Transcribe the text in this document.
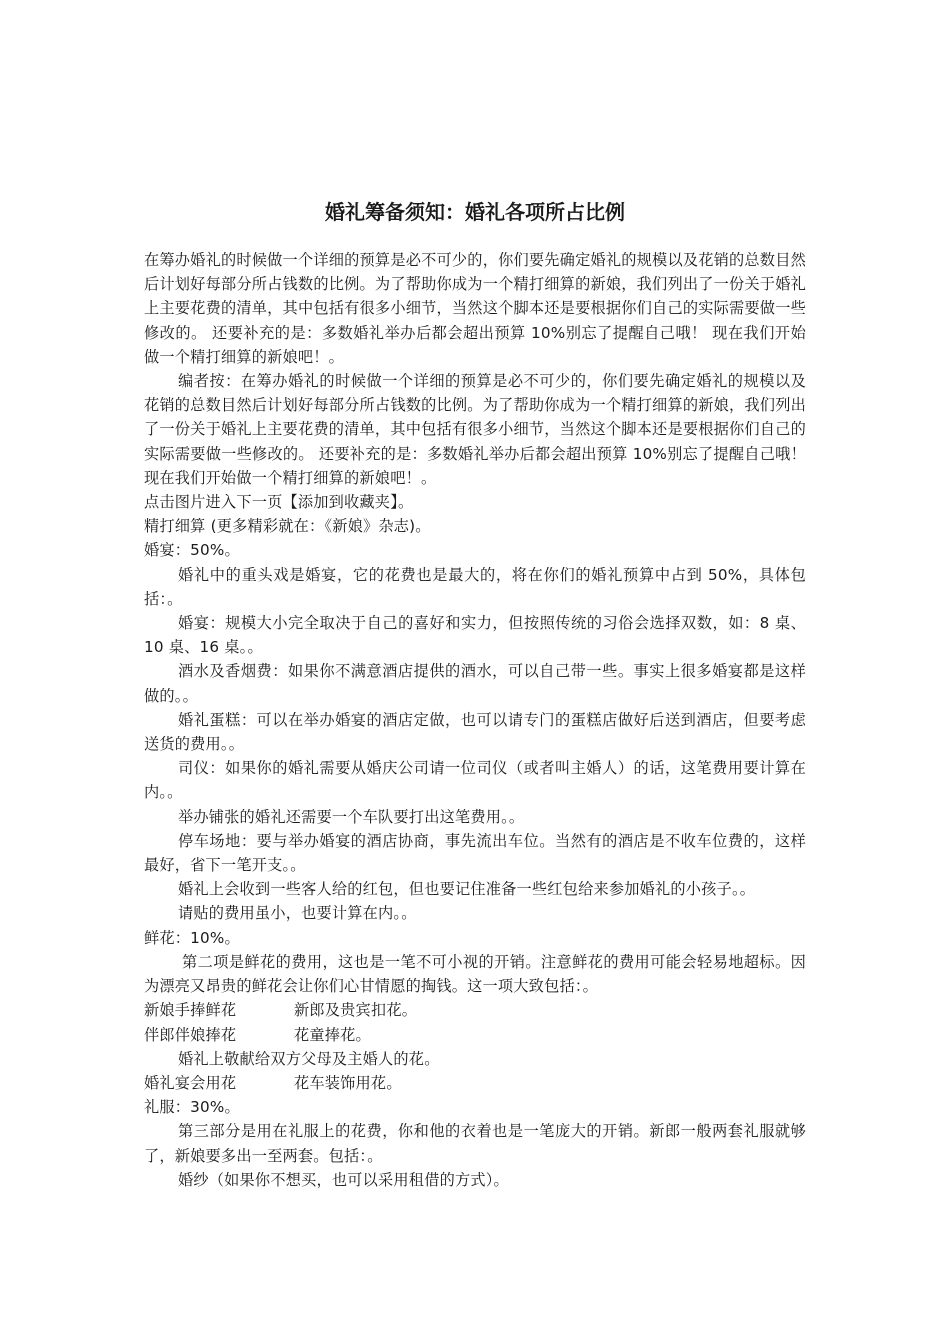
婚礼筹备须知：婚礼各项所占比例

在筹办婚礼的时候做一个详细的预算是必不可少的，你们要先确定婚礼的规模以及花销的总数目然后计划好每部分所占钱数的比例。为了帮助你成为一个精打细算的新娘，我们列出了一份关于婚礼上主要花费的清单，其中包括有很多小细节，当然这个脚本还是要根据你们自己的实际需要做一些修改的。 还要补充的是：多数婚礼举办后都会超出预算 10%别忘了提醒自己哦！ 现在我们开始做一个精打细算的新娘吧！。

编者按：在筹办婚礼的时候做一个详细的预算是必不可少的，你们要先确定婚礼的规模以及花销的总数目然后计划好每部分所占钱数的比例。为了帮助你成为一个精打细算的新娘，我们列出了一份关于婚礼上主要花费的清单，其中包括有很多小细节，当然这个脚本还是要根据你们自己的实际需要做一些修改的。 还要补充的是：多数婚礼举办后都会超出预算 10%别忘了提醒自己哦！ 现在我们开始做一个精打细算的新娘吧！。

点击图片进入下一页【添加到收藏夹】。

精打细算 (更多精彩就在：《新娘》杂志)。

婚宴：50%。

婚礼中的重头戏是婚宴，它的花费也是最大的，将在你们的婚礼预算中占到 50%，具体包括：。

婚宴：规模大小完全取决于自己的喜好和实力，但按照传统的习俗会选择双数，如：8 桌、10 桌、16 桌。。

酒水及香烟费：如果你不满意酒店提供的酒水，可以自己带一些。事实上很多婚宴都是这样做的。。

婚礼蛋糕：可以在举办婚宴的酒店定做，也可以请专门的蛋糕店做好后送到酒店，但要考虑送货的费用。。

司仪：如果你的婚礼需要从婚庆公司请一位司仪（或者叫主婚人）的话，这笔费用要计算在内。。

举办铺张的婚礼还需要一个车队要打出这笔费用。。

停车场地：要与举办婚宴的酒店协商，事先流出车位。当然有的酒店是不收车位费的，这样最好，省下一笔开支。。

婚礼上会收到一些客人给的红包，但也要记住准备一些红包给来参加婚礼的小孩子。。

请贴的费用虽小，也要计算在内。。

鲜花：10%。

第二项是鲜花的费用，这也是一笔不可小视的开销。注意鲜花的费用可能会轻易地超标。因为漂亮又昂贵的鲜花会让你们心甘情愿的掏钱。这一项大致包括：。

新娘手捧鲜花	新郎及贵宾扣花。

伴郎伴娘捧花	花童捧花。

婚礼上敬献给双方父母及主婚人的花。

婚礼宴会用花	花车装饰用花。

礼服：30%。

第三部分是用在礼服上的花费，你和他的衣着也是一笔庞大的开销。新郎一般两套礼服就够了，新娘要多出一至两套。包括：。

婚纱（如果你不想买，也可以采用租借的方式）。
